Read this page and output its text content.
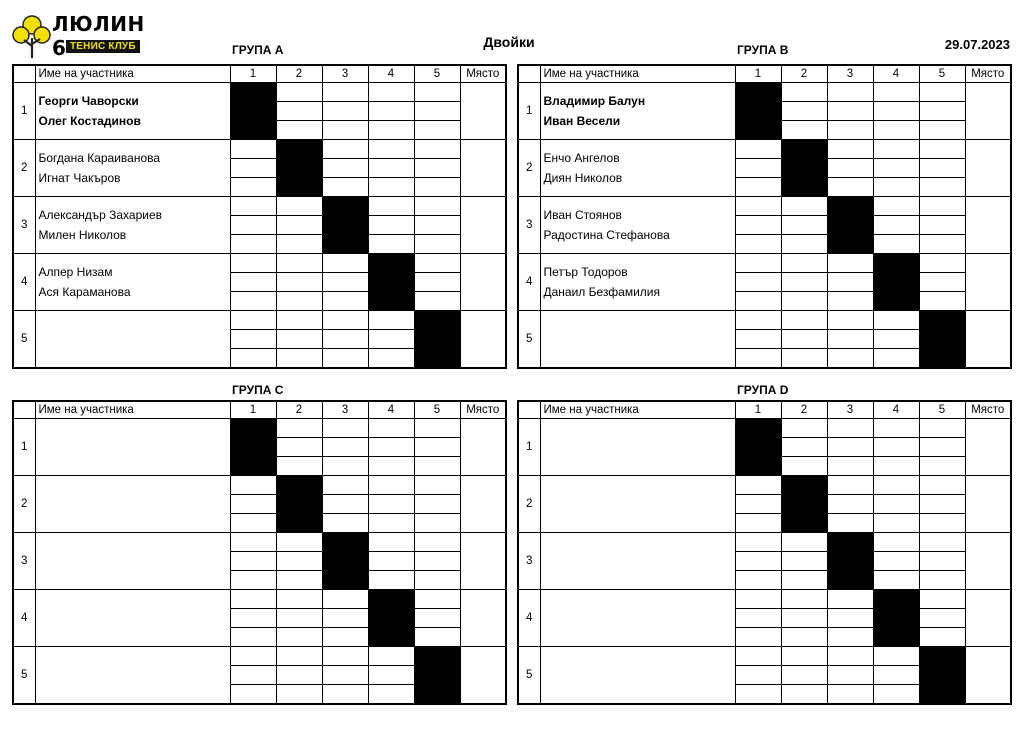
ЛЮЛИН 6 ТЕНИС КЛУБ	Двойки	29.07.2023
ГРУПА А	ГРУПА В
ГРУПА С	ГРУПА D
	Име на участника	1	2	3	4	5	Място
1	Георги Чаворски
Олег Костадинов						

2	Богдана Караиванова
Игнат Чакъров						

3	Александър Захариев
Милен Николов						

4	Алпер Низам
Ася Караманова						

5	

	Име на участника	1	2	3	4	5	Място
1	Владимир Балун
Иван Весели						

2	Енчо Ангелов
Диян Николов						

3	Иван Стоянов
Радостина Стефанова						

4	Петър Тодоров
Данаил Безфамилия						

5	

	Име на участника	1	2	3	4	5	Място
1	

2	

3	

4	

5	

	Име на участника	1	2	3	4	5	Място
1	

2	

3	

4	

5	
